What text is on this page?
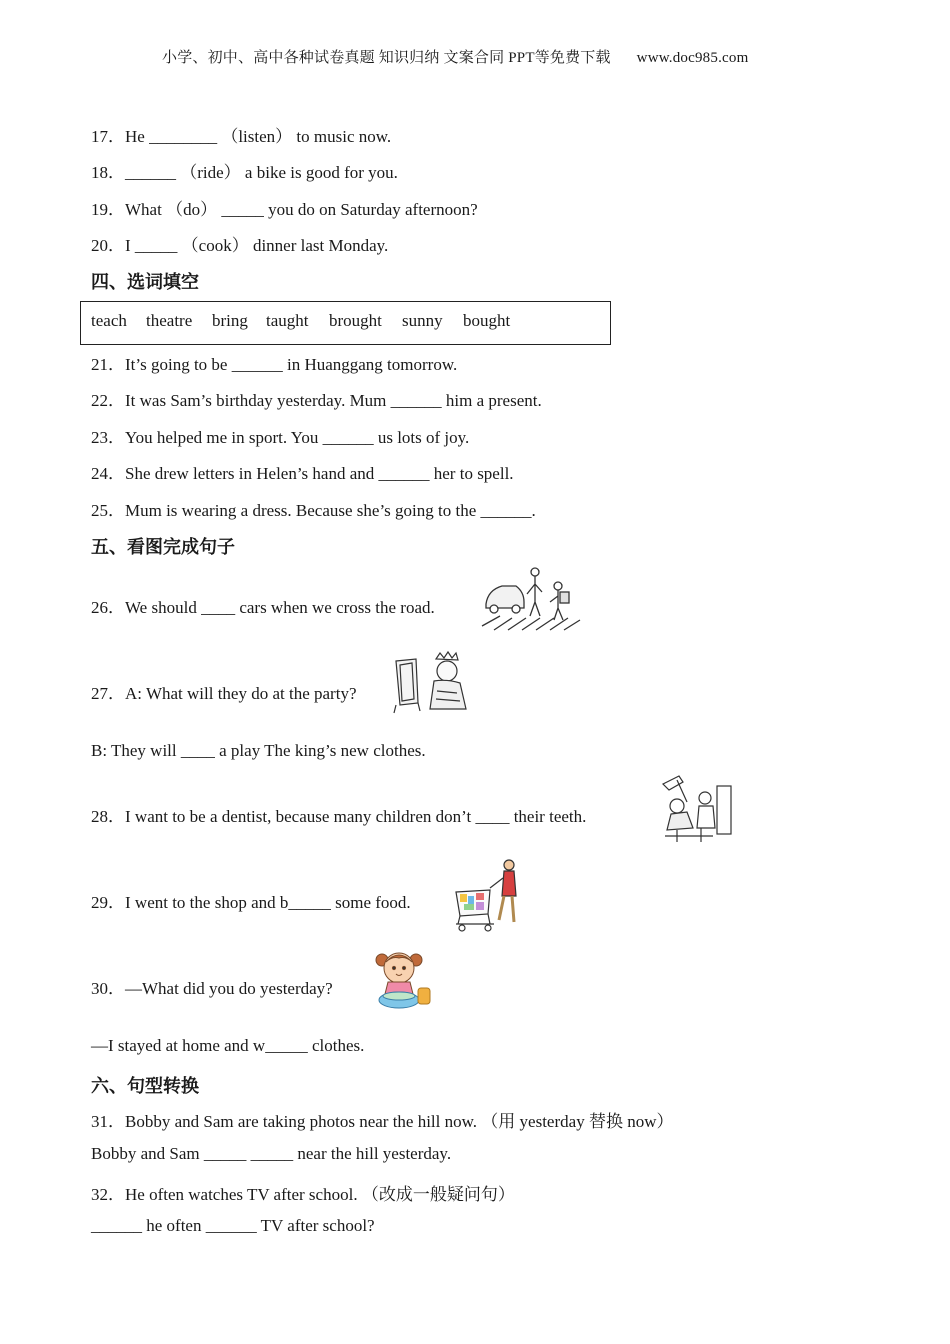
小学、初中、高中各种试卷真题 知识归纳 文案合同 PPT等免费下载 www.doc985.com
17．He ________ （listen） to music now.
18．______ （ride） a bike is good for you.
19．What （do） _____ you do on Saturday afternoon?
20．I _____ （cook） dinner last Monday.
四、选词填空
teach theatre bring taught brought sunny bought
21．It’s going to be ______ in Huanggang tomorrow.
22．It was Sam’s birthday yesterday. Mum ______ him a present.
23．You helped me in sport. You ______ us lots of joy.
24．She drew letters in Helen’s hand and ______ her to spell.
25．Mum is wearing a dress. Because she’s going to the ______.
五、看图完成句子
26．We should ____ cars when we cross the road.
27．A: What will they do at the party?
B: They will ____ a play The king’s new clothes.
28．I want to be a dentist, because many children don’t ____ their teeth.
29．I went to the shop and b_____ some food.
30．—What did you do yesterday?
—I stayed at home and w_____ clothes.
六、句型转换
31．Bobby and Sam are taking photos near the hill now. （用 yesterday 替换 now）
Bobby and Sam _____ _____ near the hill yesterday.
32．He often watches TV after school. （改成一般疑问句）
______ he often ______ TV after school?
